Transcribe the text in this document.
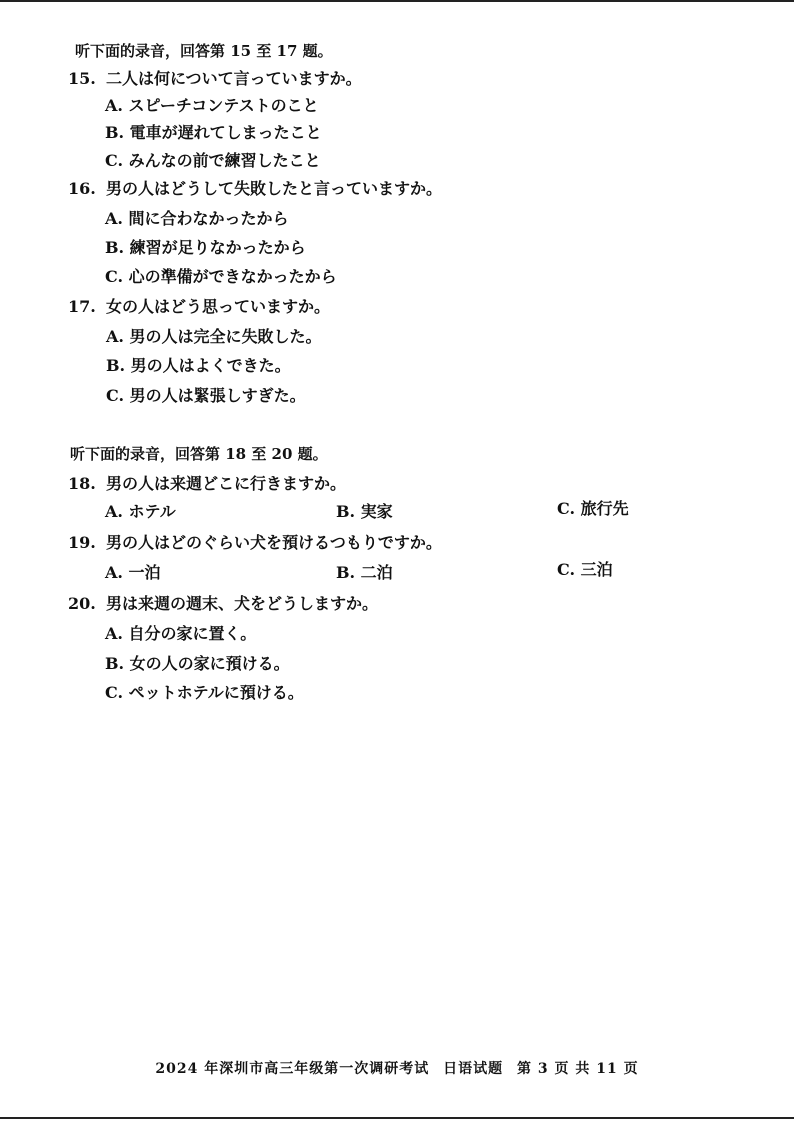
听下面的录音，回答第 15 至 17 题。
15. 二人は何について言っていますか。
A. スピーチコンテストのこと
B. 電車が遅れてしまったこと
C. みんなの前で練習したこと
16. 男の人はどうして失敗したと言っていますか。
A. 間に合わなかったから
B. 練習が足りなかったから
C. 心の準備ができなかったから
17. 女の人はどう思っていますか。
A. 男の人は完全に失敗した。
B. 男の人はよくできた。
C. 男の人は緊張しすぎた。
听下面的录音，回答第 18 至 20 题。
18. 男の人は来週どこに行きますか。
A. ホテル	B. 実家	C. 旅行先
19. 男の人はどのぐらい犬を預けるつもりですか。
A. 一泊	B. 二泊	C. 三泊
20. 男は来週の週末、犬をどうしますか。
A. 自分の家に置く。
B. 女の人の家に預ける。
C. ペットホテルに預ける。
2024 年深圳市高三年级第一次调研考试 日语试题 第 3 页 共 11 页
